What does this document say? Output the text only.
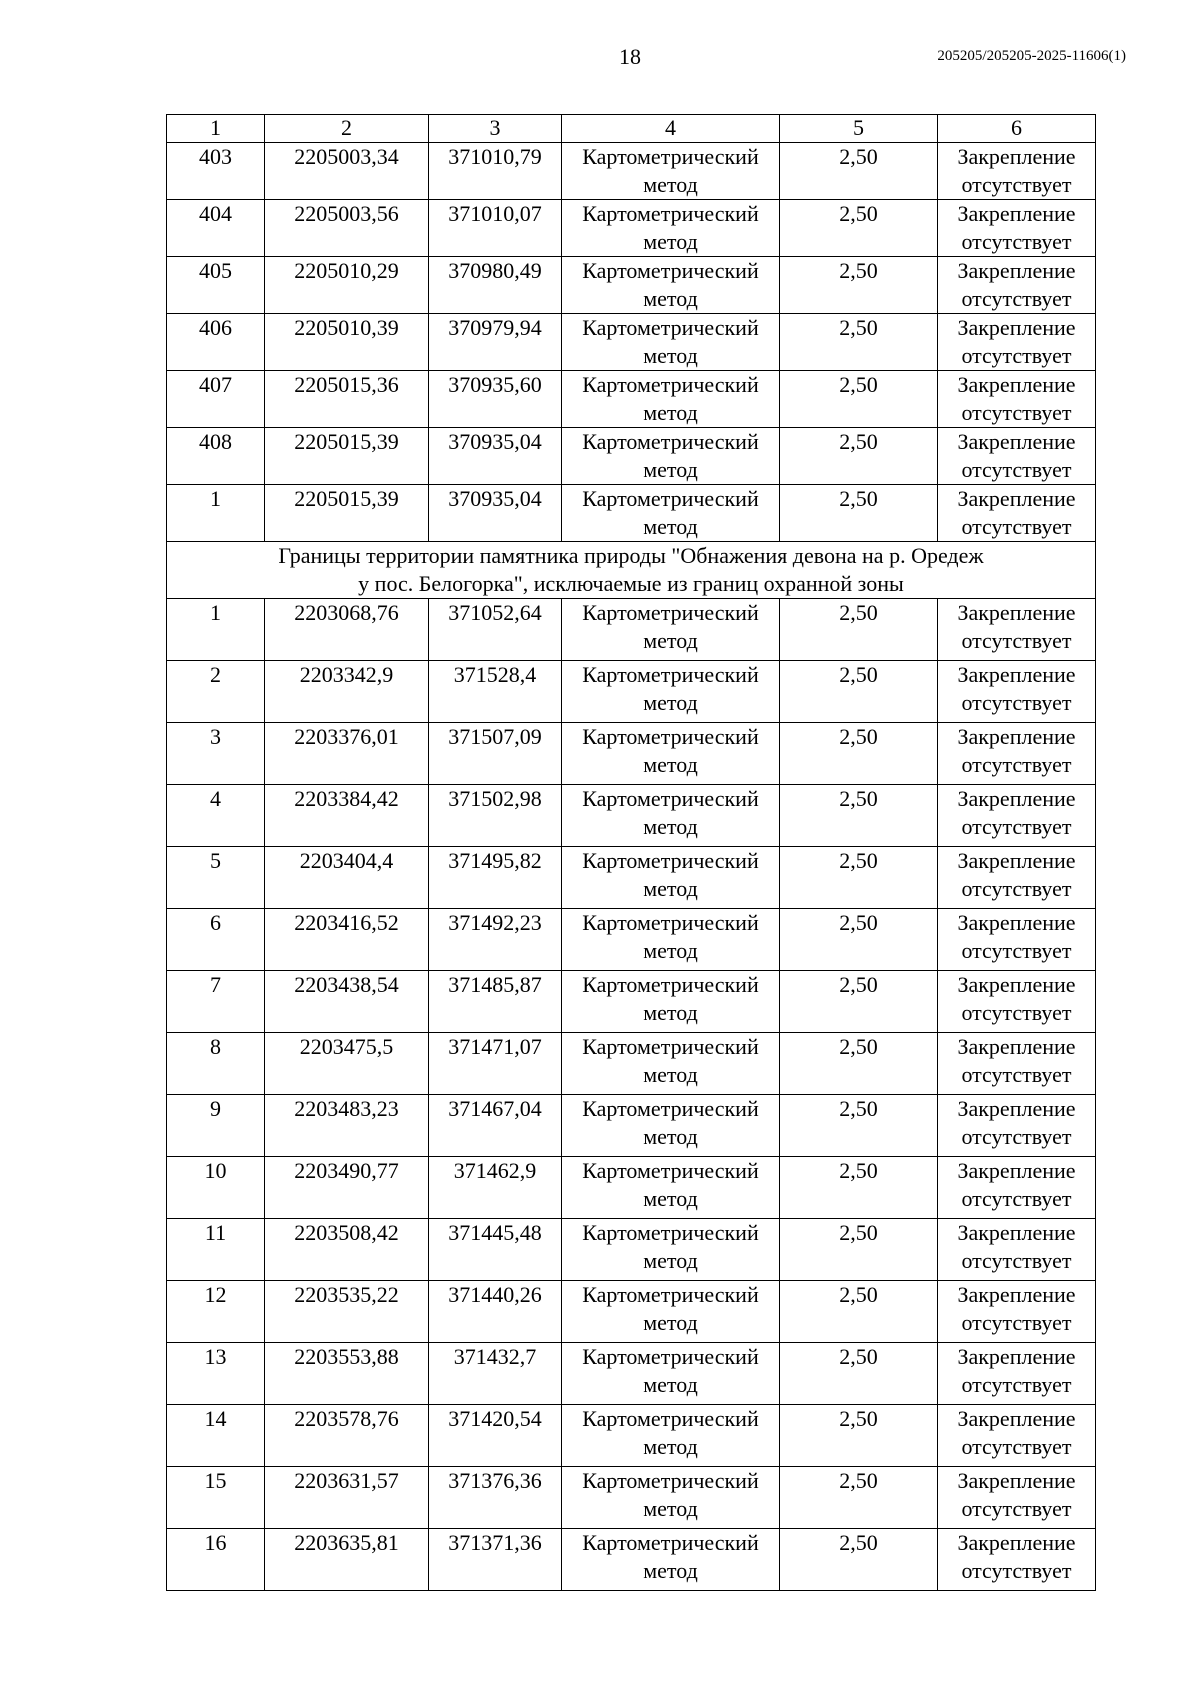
18	205205/205205-2025-11606(1)
1	2	3	4	5	6
403	2205003,34	371010,79	Картометрический метод	2,50	Закрепление отсутствует
404	2205003,56	371010,07	Картометрический метод	2,50	Закрепление отсутствует
405	2205010,29	370980,49	Картометрический метод	2,50	Закрепление отсутствует
406	2205010,39	370979,94	Картометрический метод	2,50	Закрепление отсутствует
407	2205015,36	370935,60	Картометрический метод	2,50	Закрепление отсутствует
408	2205015,39	370935,04	Картометрический метод	2,50	Закрепление отсутствует
1	2205015,39	370935,04	Картометрический метод	2,50	Закрепление отсутствует

Границы территории памятника природы "Обнажения девона на р. Оредеж
у пос. Белогорка", исключаемые из границ охранной зоны					

1	2203068,76	371052,64	Картометрический метод	2,50	Закрепление отсутствует
2	2203342,9	371528,4	Картометрический метод	2,50	Закрепление отсутствует
3	2203376,01	371507,09	Картометрический метод	2,50	Закрепление отсутствует
4	2203384,42	371502,98	Картометрический метод	2,50	Закрепление отсутствует
5	2203404,4	371495,82	Картометрический метод	2,50	Закрепление отсутствует
6	2203416,52	371492,23	Картометрический метод	2,50	Закрепление отсутствует
7	2203438,54	371485,87	Картометрический метод	2,50	Закрепление отсутствует
8	2203475,5	371471,07	Картометрический метод	2,50	Закрепление отсутствует
9	2203483,23	371467,04	Картометрический метод	2,50	Закрепление отсутствует
10	2203490,77	371462,9	Картометрический метод	2,50	Закрепление отсутствует
11	2203508,42	371445,48	Картометрический метод	2,50	Закрепление отсутствует
12	2203535,22	371440,26	Картометрический метод	2,50	Закрепление отсутствует
13	2203553,88	371432,7	Картометрический метод	2,50	Закрепление отсутствует
14	2203578,76	371420,54	Картометрический метод	2,50	Закрепление отсутствует
15	2203631,57	371376,36	Картометрический метод	2,50	Закрепление отсутствует
16	2203635,81	371371,36	Картометрический метод	2,50	Закрепление отсутствует
